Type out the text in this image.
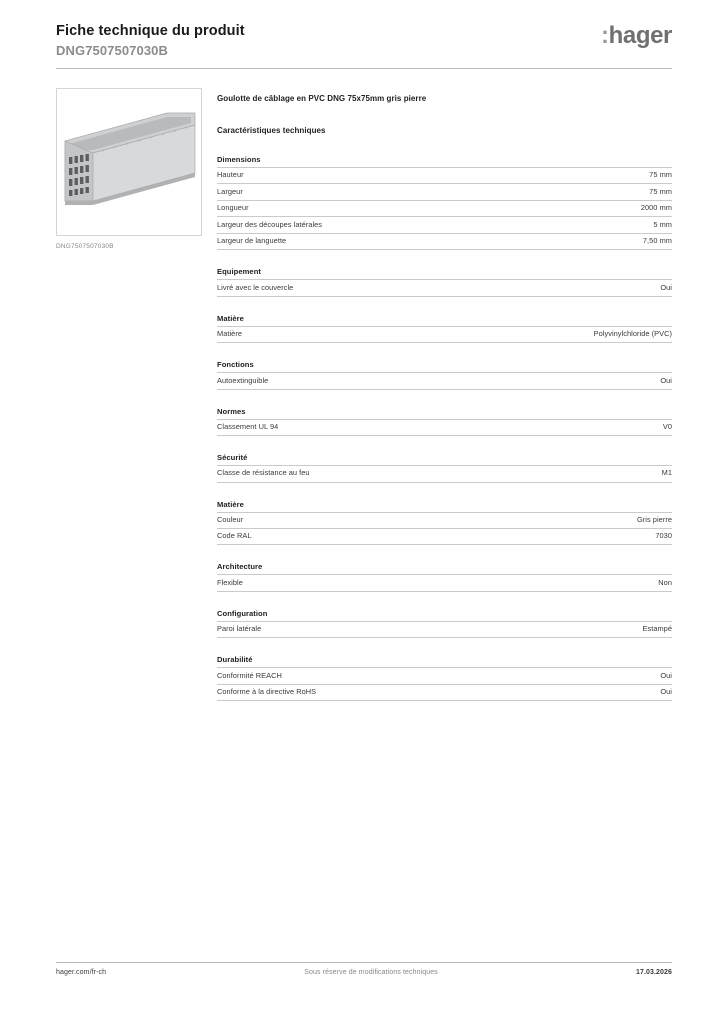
Fiche technique du produit
DNG7507507030B
:hager
DNG7507507030B
Goulotte de câblage en PVC DNG 75x75mm gris pierre
Caractéristiques techniques
Dimensions
Hauteur	75 mm
Largeur	75 mm
Longueur	2000 mm
Largeur des découpes latérales	5 mm
Largeur de languette	7,50 mm
Equipement
Livré avec le couvercle	Oui
Matière
Matière	Polyvinylchloride (PVC)
Fonctions
Autoextinguible	Oui
Normes
Classement UL 94	V0
Sécurité
Classe de résistance au feu	M1
Matière
Couleur	Gris pierre
Code RAL	7030
Architecture
Flexible	Non
Configuration
Paroi latérale	Estampé
Durabilité
Conformité REACH	Oui
Conforme à la directive RoHS	Oui
hager.com/fr-ch	Sous réserve de modifications techniques	17.03.2026
